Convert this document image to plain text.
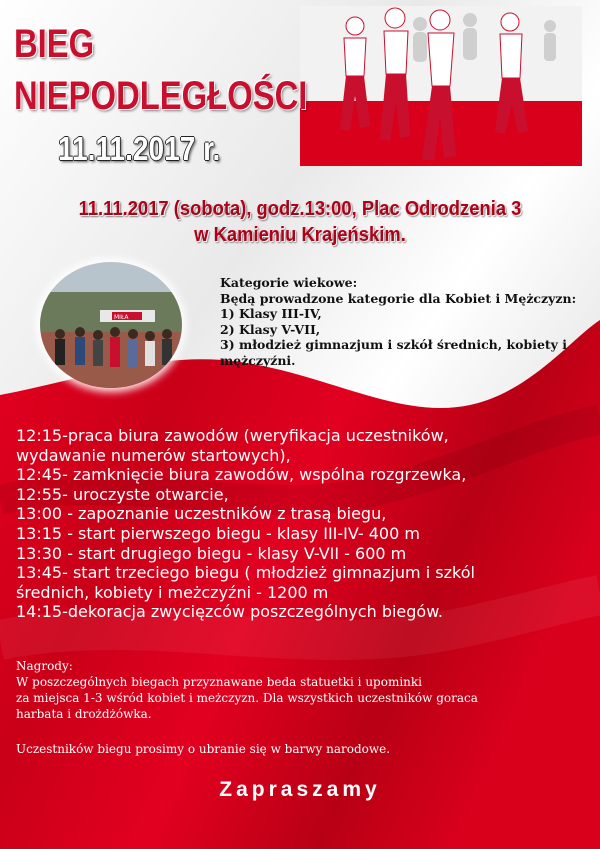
BIEG
NIEPODLEGŁOŚCI
11.11.2017 r.
11.11.2017 (sobota), godz.13:00, Plac Odrodzenia 3
w Kamieniu Krajeńskim.
MIŁA
Kategorie wiekowe:
Będą prowadzone kategorie dla Kobiet i Mężczyzn:
1) Klasy III-IV,
2) Klasy V-VII,
3) młodzież gimnazjum i szkół średnich, kobiety i
mężczyźni.
12:15-praca biura zawodów (weryfikacja uczestników,
wydawanie numerów startowych),
12:45- zamknięcie biura zawodów, wspólna rozgrzewka,
12:55- uroczyste otwarcie,
13:00 - zapoznanie uczestników z trasą biegu,
13:15 - start pierwszego biegu - klasy III-IV- 400 m
13:30 - start drugiego biegu - klasy V-VII - 600 m
13:45- start trzeciego biegu ( młodzież gimnazjum i szkól
średnich, kobiety i meżczyźni - 1200 m
14:15-dekoracja zwycięzców poszczególnych biegów.
Nagrody:
W poszczególnych biegach przyznawane beda statuetki i upominki
za miejsca 1-3 wśród kobiet i meżczyzn. Dla wszystkich uczestników goraca
harbata i drożdżówka.
Uczestników biegu prosimy o ubranie się w barwy narodowe.
Zapraszamy
